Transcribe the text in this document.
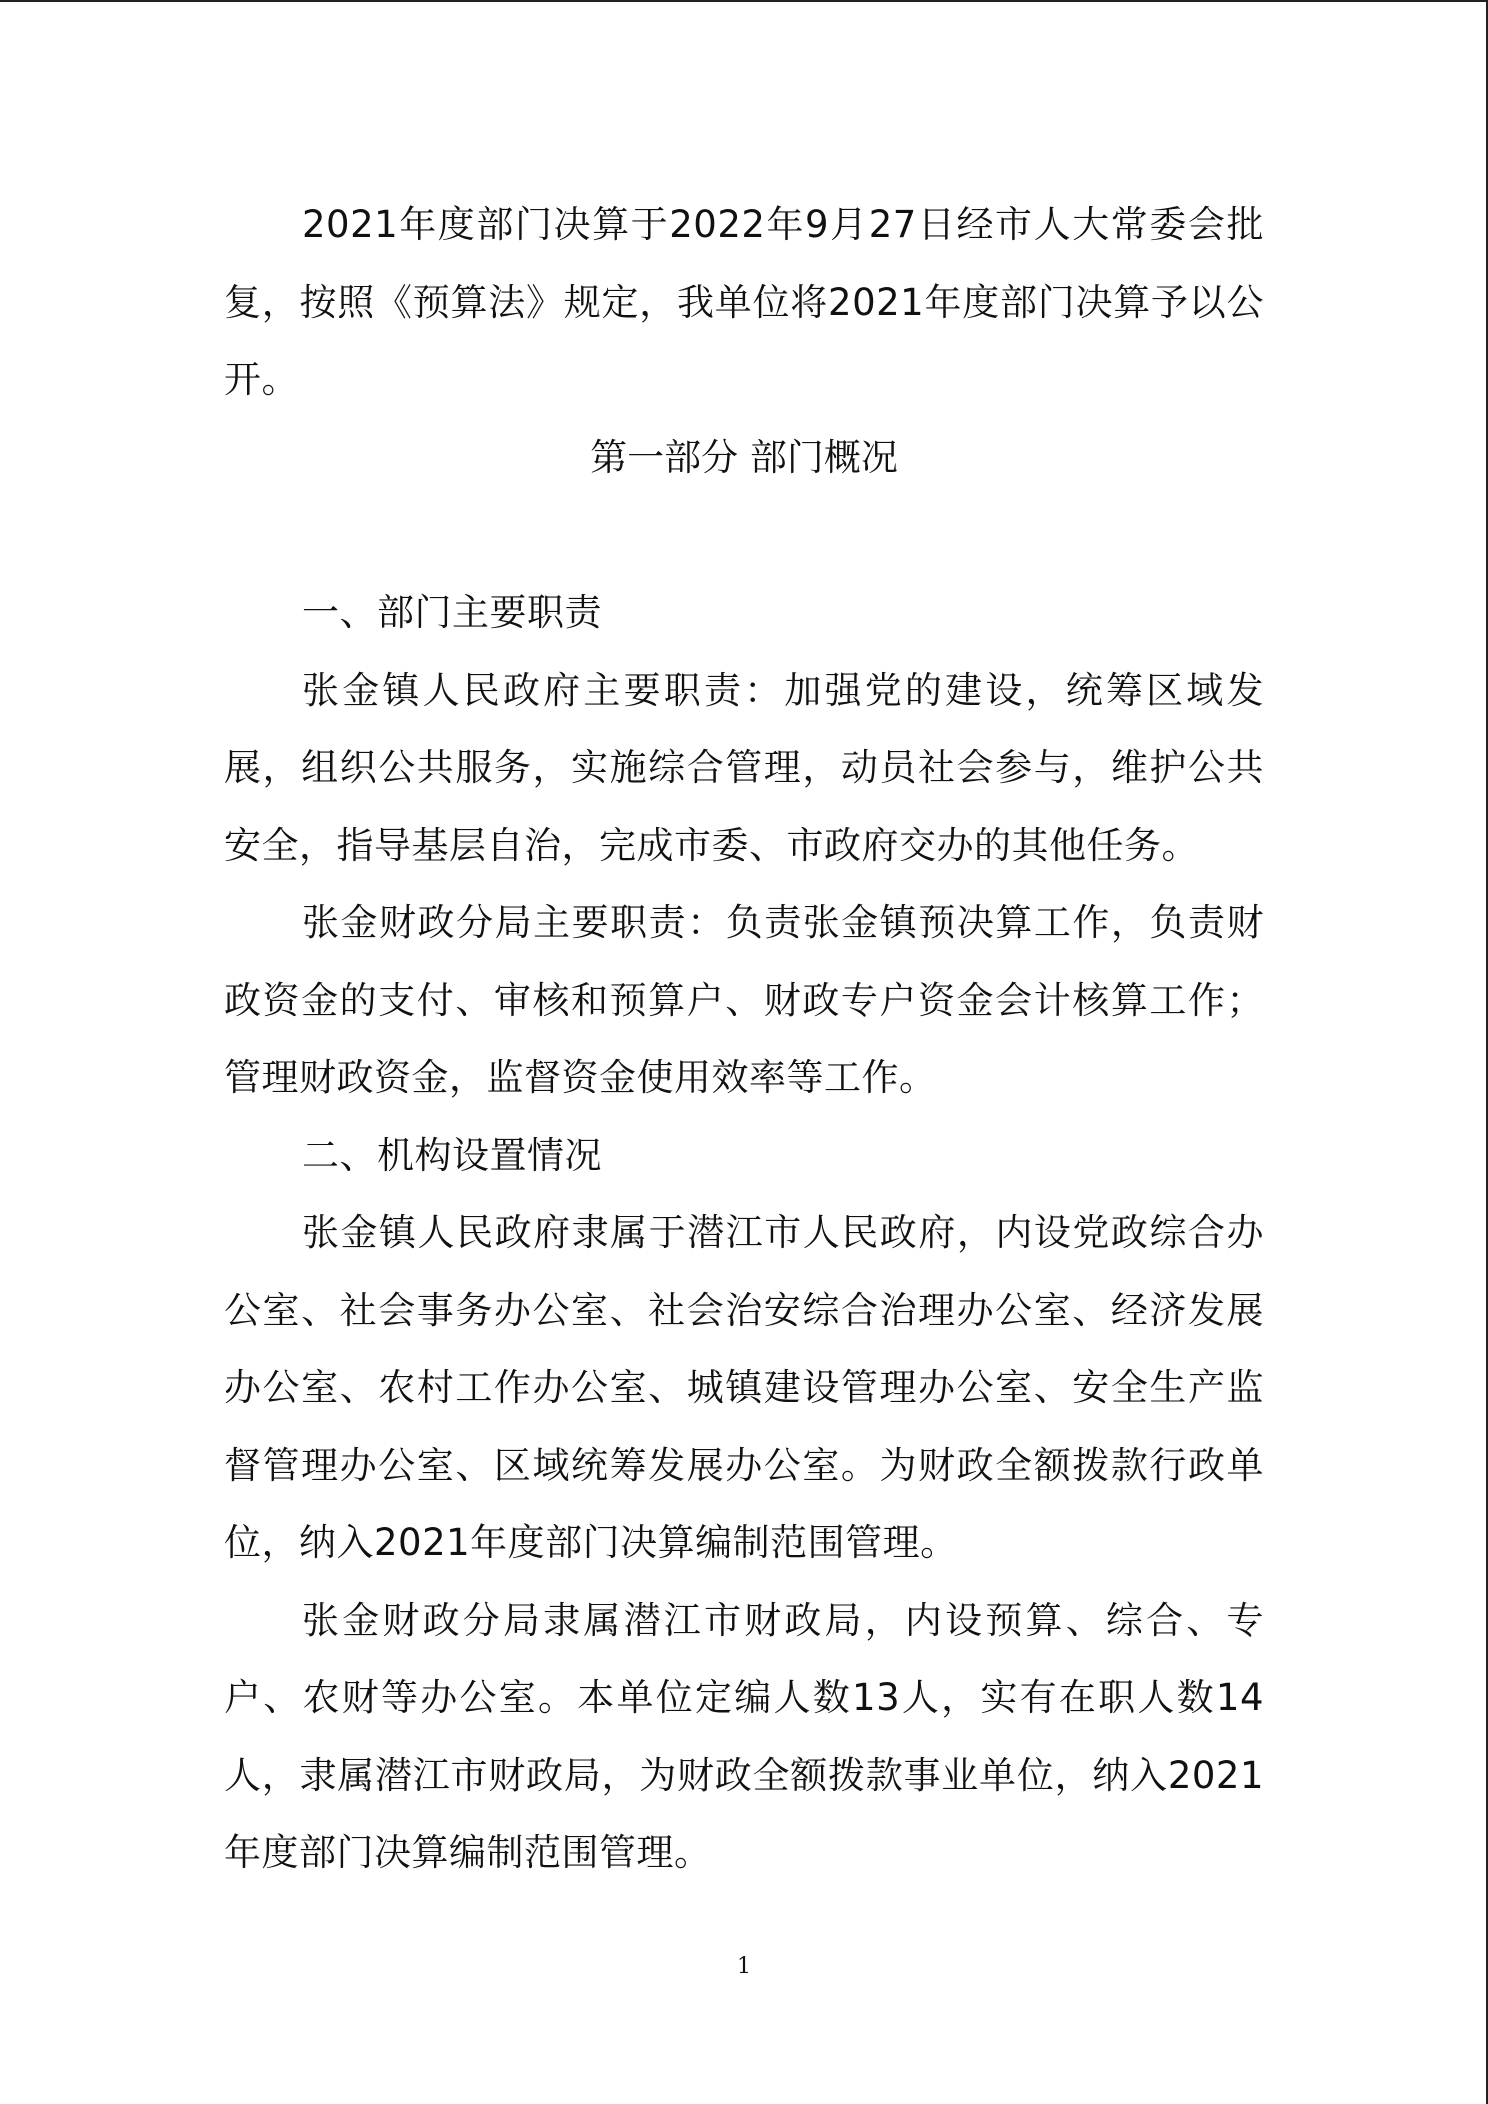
2021年度部门决算于2022年9月27日经市人大常委会批复，按照《预算法》规定，我单位将2021年度部门决算予以公开。

第一部分 部门概况

一、部门主要职责

张金镇人民政府主要职责：加强党的建设，统筹区域发展，组织公共服务，实施综合管理，动员社会参与，维护公共安全，指导基层自治，完成市委、市政府交办的其他任务。

张金财政分局主要职责：负责张金镇预决算工作，负责财政资金的支付、审核和预算户、财政专户资金会计核算工作；管理财政资金，监督资金使用效率等工作。

二、机构设置情况

张金镇人民政府隶属于潜江市人民政府，内设党政综合办公室、社会事务办公室、社会治安综合治理办公室、经济发展办公室、农村工作办公室、城镇建设管理办公室、安全生产监督管理办公室、区域统筹发展办公室。为财政全额拨款行政单位，纳入2021年度部门决算编制范围管理。

张金财政分局隶属潜江市财政局，内设预算、综合、专户、农财等办公室。本单位定编人数13人，实有在职人数14人，隶属潜江市财政局，为财政全额拨款事业单位，纳入2021年度部门决算编制范围管理。

1
